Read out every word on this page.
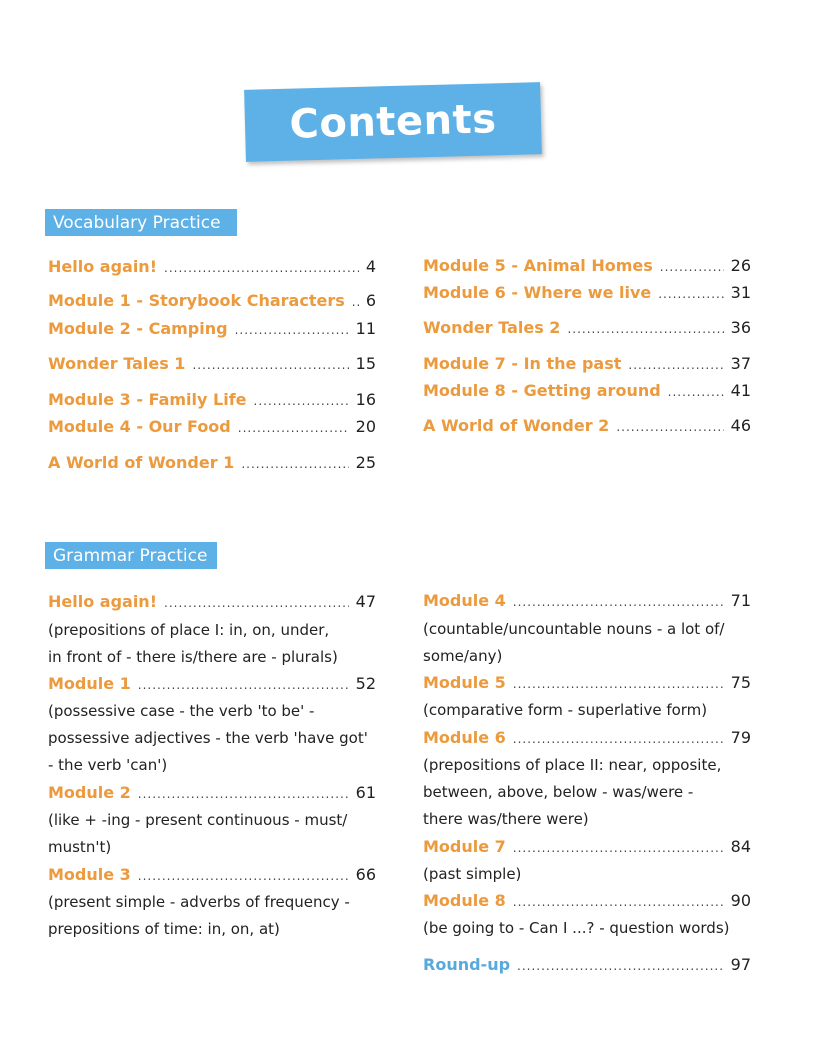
Contents
Vocabulary Practice
Grammar Practice
Hello again! .....	4
Module 1 - Storybook Characters ..... 6
Module 2 - Camping .....	11
Wonder Tales 1 .....	15
Module 3 - Family Life .....	16
Module 4 - Our Food .....	20
A World of Wonder 1 .....	25
Module 5 - Animal Homes .....	26
Module 6 - Where we live .....	31
Wonder Tales 2 .....	36
Module 7 - In the past .....	37
Module 8 - Getting around .....	41
A World of Wonder 2 .....	46
Hello again! .....	47
(prepositions of place I: in, on, under,
in front of - there is/there are - plurals)
Module 1 .....	52
(possessive case - the verb 'to be' -
possessive adjectives - the verb 'have got'
- the verb 'can')
Module 2 .....	61
(like + -ing - present continuous - must/
mustn't)
Module 3 .....	66
(present simple - adverbs of frequency -
prepositions of time: in, on, at)
Module 4 .....	71
(countable/uncountable nouns - a lot of/
some/any)
Module 5 .....	75
(comparative form - superlative form)
Module 6 .....	79
(prepositions of place II: near, opposite,
between, above, below - was/were -
there was/there were)
Module 7 .....	84
(past simple)
Module 8 .....	90
(be going to - Can I ...? - question words)
Round-up .....	97
